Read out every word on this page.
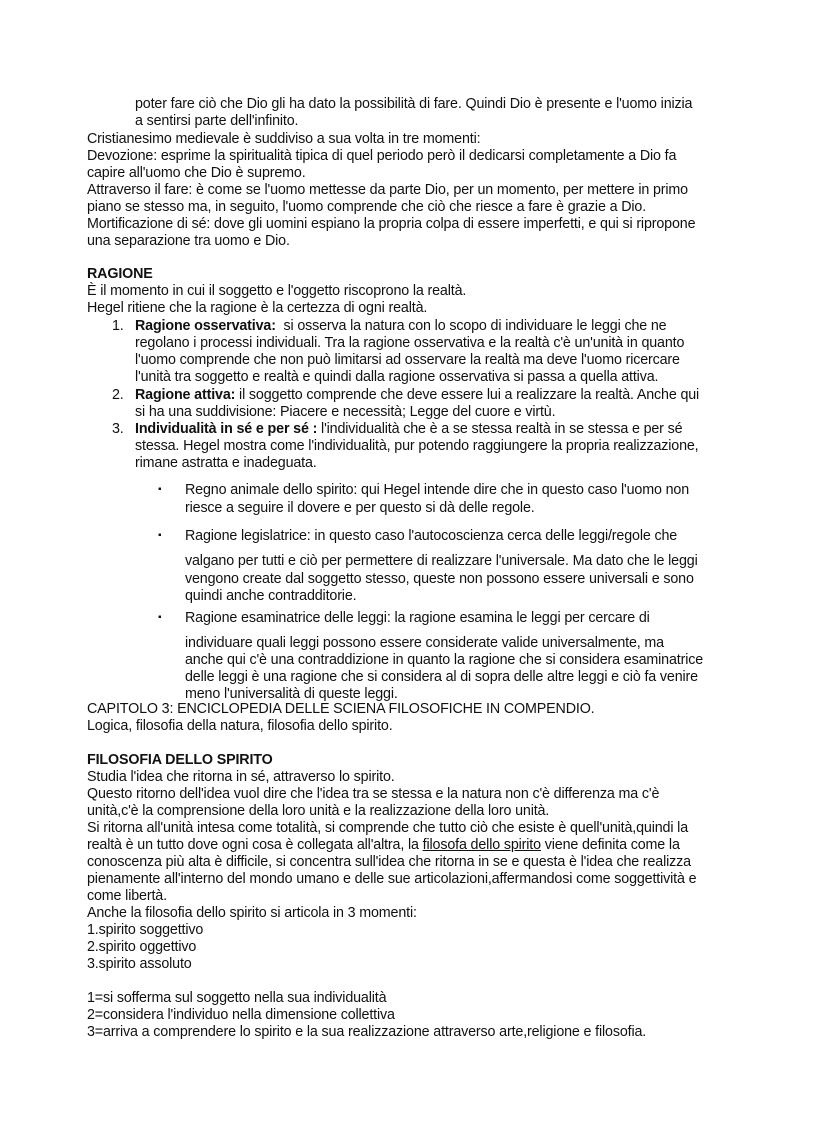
▪
▪
▪
poter fare ciò che Dio gli ha dato la possibilità di fare. Quindi Dio è presente e l'uomo inizia
a sentirsi parte dell'infinito.
Cristianesimo medievale è suddiviso a sua volta in tre momenti:
Devozione: esprime la spiritualità tipica di quel periodo però il dedicarsi completamente a Dio fa
capire all'uomo che Dio è supremo.
Attraverso il fare: è come se l'uomo mettesse da parte Dio, per un momento, per mettere in primo
piano se stesso ma, in seguito, l'uomo comprende che ciò che riesce a fare è grazie a Dio.
Mortificazione di sé: dove gli uomini espiano la propria colpa di essere imperfetti, e qui si ripropone
una separazione tra uomo e Dio.
RAGIONE
È il momento in cui il soggetto e l'oggetto riscoprono la realtà.
Hegel ritiene che la ragione è la certezza di ogni realtà.
1. Ragione osservativa:  si osserva la natura con lo scopo di individuare le leggi che ne
regolano i processi individuali. Tra la ragione osservativa e la realtà c'è un'unità in quanto
l'uomo comprende che non può limitarsi ad osservare la realtà ma deve l'uomo ricercare
l'unità tra soggetto e realtà e quindi dalla ragione osservativa si passa a quella attiva.
2. Ragione attiva: il soggetto comprende che deve essere lui a realizzare la realtà. Anche qui
si ha una suddivisione: Piacere e necessità; Legge del cuore e virtù.
3. Individualità in sé e per sé : l'individualità che è a se stessa realtà in se stessa e per sé
stessa. Hegel mostra come l'individualità, pur potendo raggiungere la propria realizzazione,
rimane astratta e inadeguata.
Regno animale dello spirito: qui Hegel intende dire che in questo caso l'uomo non
riesce a seguire il dovere e per questo si dà delle regole.
Ragione legislatrice: in questo caso l'autocoscienza cerca delle leggi/regole che
valgano per tutti e ciò per permettere di realizzare l'universale. Ma dato che le leggi
vengono create dal soggetto stesso, queste non possono essere universali e sono
quindi anche contradditorie.
Ragione esaminatrice delle leggi: la ragione esamina le leggi per cercare di
individuare quali leggi possono essere considerate valide universalmente, ma
anche qui c'è una contraddizione in quanto la ragione che si considera esaminatrice
delle leggi è una ragione che si considera al di sopra delle altre leggi e ciò fa venire
meno l'universalità di queste leggi.
CAPITOLO 3: ENCICLOPEDIA DELLE SCIENA FILOSOFICHE IN COMPENDIO.
Logica, filosofia della natura, filosofia dello spirito.
FILOSOFIA DELLO SPIRITO
Studia l'idea che ritorna in sé, attraverso lo spirito.
Questo ritorno dell'idea vuol dire che l'idea tra se stessa e la natura non c'è differenza ma c'è
unità,c'è la comprensione della loro unità e la realizzazione della loro unità.
Si ritorna all'unità intesa come totalità, si comprende che tutto ciò che esiste è quell'unità,quindi la
realtà è un tutto dove ogni cosa è collegata all'altra, la filosofa dello spirito viene definita come la
conoscenza più alta è difficile, si concentra sull'idea che ritorna in se e questa è l'idea che realizza
pienamente all'interno del mondo umano e delle sue articolazioni,affermandosi come soggettività e
come libertà.
Anche la filosofia dello spirito si articola in 3 momenti:
1.spirito soggettivo
2.spirito oggettivo
3.spirito assoluto
1=si sofferma sul soggetto nella sua individualità
2=considera l'individuo nella dimensione collettiva
3=arriva a comprendere lo spirito e la sua realizzazione attraverso arte,religione e filosofia.
